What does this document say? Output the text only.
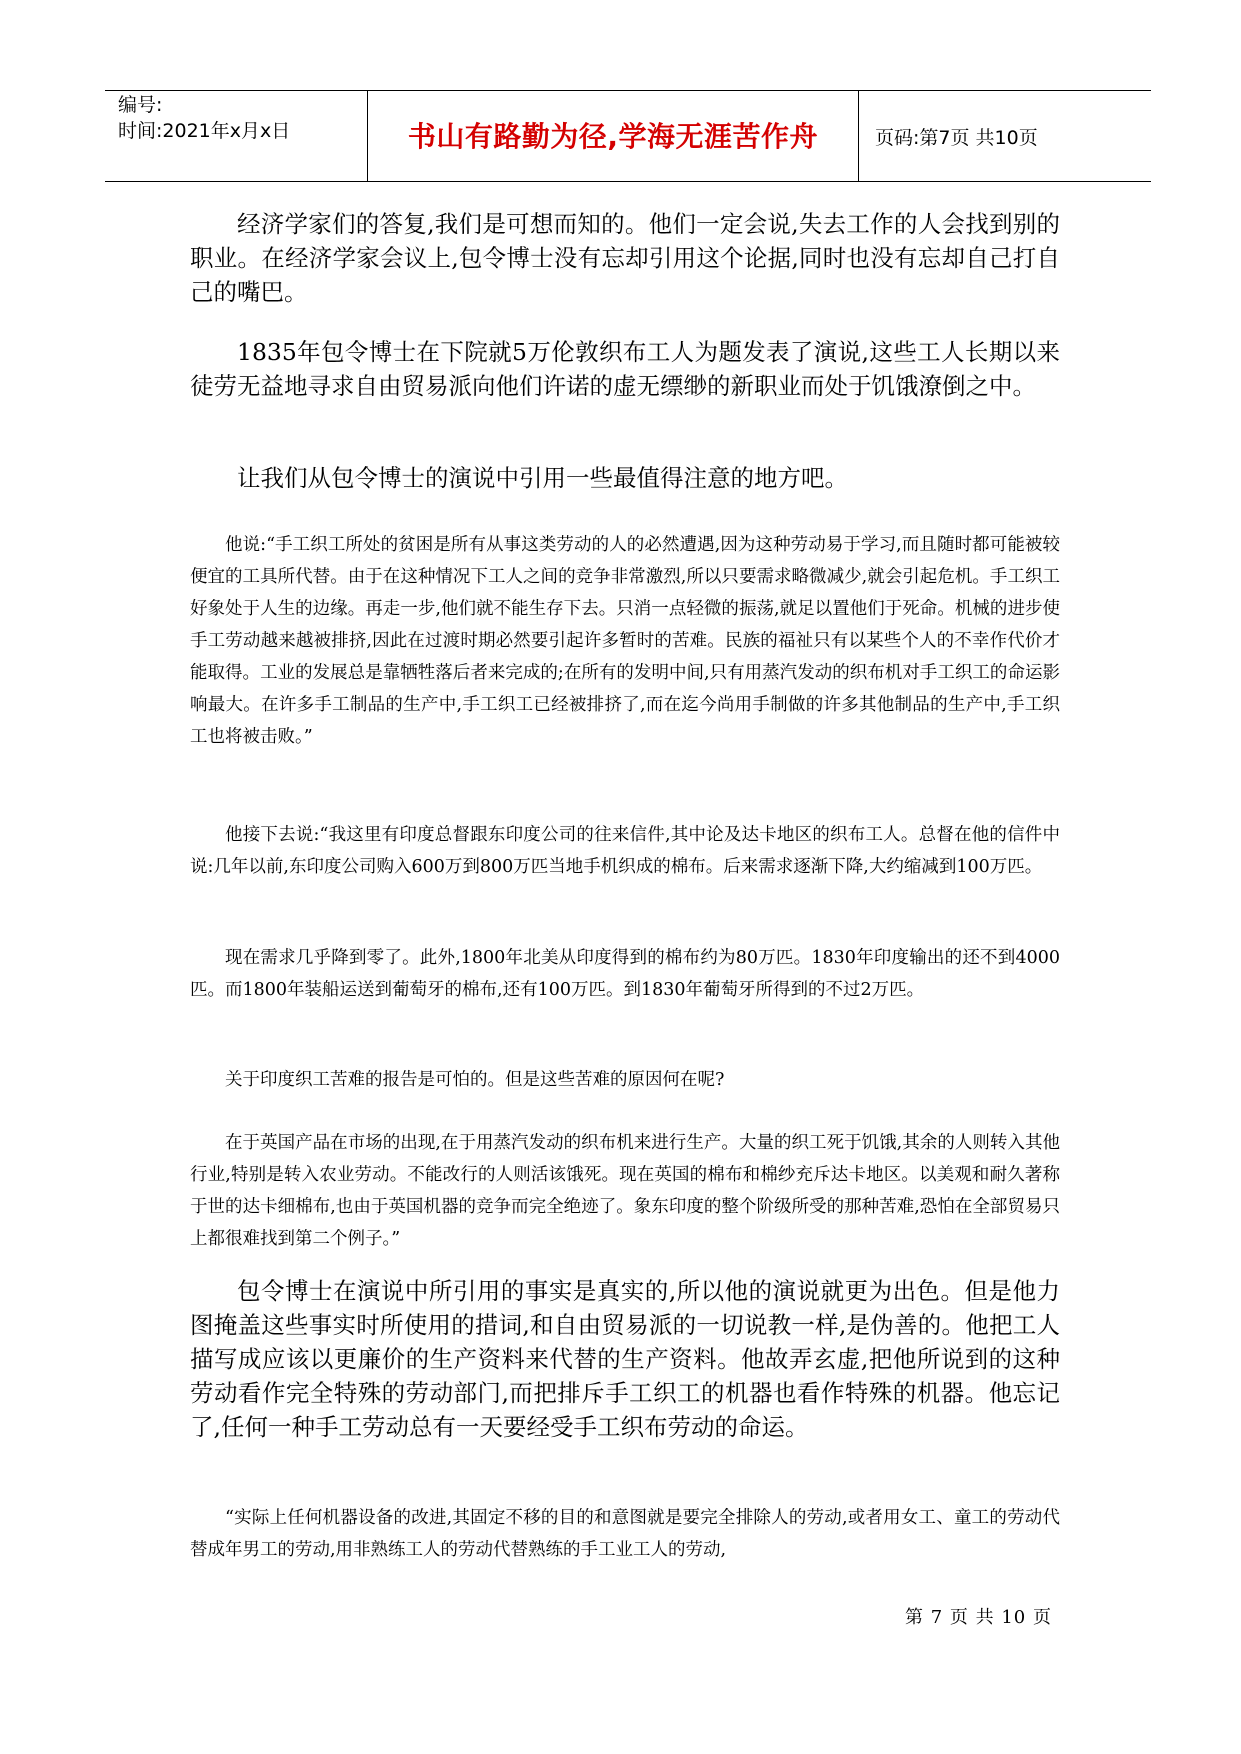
编号:
时间:2021年x月x日	书山有路勤为径,学海无涯苦作舟	页码:第7页 共10页

经济学家们的答复,我们是可想而知的。他们一定会说,失去工作的人会找到别的职业。在经济学家会议上,包令博士没有忘却引用这个论据,同时也没有忘却自己打自己的嘴巴。

1835年包令博士在下院就5万伦敦织布工人为题发表了演说,这些工人长期以来徒劳无益地寻求自由贸易派向他们许诺的虚无缥缈的新职业而处于饥饿潦倒之中。

让我们从包令博士的演说中引用一些最值得注意的地方吧。

他说:“手工织工所处的贫困是所有从事这类劳动的人的必然遭遇,因为这种劳动易于学习,而且随时都可能被较便宜的工具所代替。由于在这种情况下工人之间的竞争非常激烈,所以只要需求略微减少,就会引起危机。手工织工好象处于人生的边缘。再走一步,他们就不能生存下去。只消一点轻微的振荡,就足以置他们于死命。机械的进步使手工劳动越来越被排挤,因此在过渡时期必然要引起许多暂时的苦难。民族的福祉只有以某些个人的不幸作代价才能取得。工业的发展总是靠牺牲落后者来完成的;在所有的发明中间,只有用蒸汽发动的织布机对手工织工的命运影响最大。在许多手工制品的生产中,手工织工已经被排挤了,而在迄今尚用手制做的许多其他制品的生产中,手工织工也将被击败。”

他接下去说:“我这里有印度总督跟东印度公司的往来信件,其中论及达卡地区的织布工人。总督在他的信件中说:几年以前,东印度公司购入600万到800万匹当地手机织成的棉布。后来需求逐渐下降,大约缩减到100万匹。

现在需求几乎降到零了。此外,1800年北美从印度得到的棉布约为80万匹。1830年印度输出的还不到4000匹。而1800年装船运送到葡萄牙的棉布,还有100万匹。到1830年葡萄牙所得到的不过2万匹。

关于印度织工苦难的报告是可怕的。但是这些苦难的原因何在呢?

在于英国产品在市场的出现,在于用蒸汽发动的织布机来进行生产。大量的织工死于饥饿,其余的人则转入其他行业,特别是转入农业劳动。不能改行的人则活该饿死。现在英国的棉布和棉纱充斥达卡地区。以美观和耐久著称于世的达卡细棉布,也由于英国机器的竞争而完全绝迹了。象东印度的整个阶级所受的那种苦难,恐怕在全部贸易只上都很难找到第二个例子。”

包令博士在演说中所引用的事实是真实的,所以他的演说就更为出色。但是他力图掩盖这些事实时所使用的措词,和自由贸易派的一切说教一样,是伪善的。他把工人描写成应该以更廉价的生产资料来代替的生产资料。他故弄玄虚,把他所说到的这种劳动看作完全特殊的劳动部门,而把排斥手工织工的机器也看作特殊的机器。他忘记了,任何一种手工劳动总有一天要经受手工织布劳动的命运。

“实际上任何机器设备的改进,其固定不移的目的和意图就是要完全排除人的劳动,或者用女工、童工的劳动代替成年男工的劳动,用非熟练工人的劳动代替熟练的手工业工人的劳动,

第 7 页 共 10 页
